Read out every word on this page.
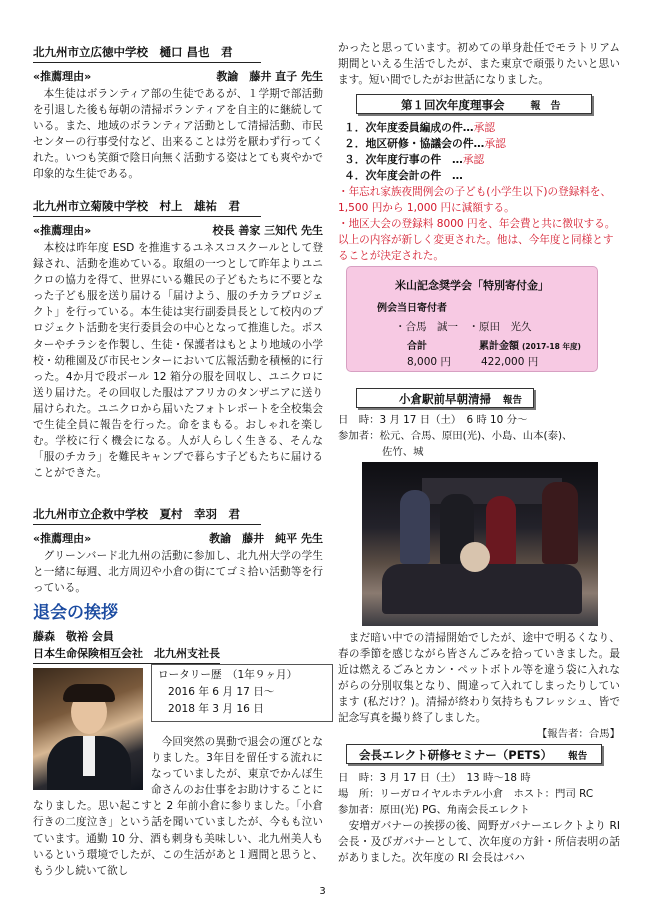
北九州市立広徳中学校　樋口 昌也　君
«推薦理由»	教諭　藤井 直子 先生
本生徒はボランティア部の生徒であるが、１学期で部活動を引退した後も毎朝の清掃ボランティアを自主的に継続している。また、地域のボランティア活動として清掃活動、市民センターの行事受付など、出来ることは労を厭わず行ってくれた。いつも笑顔で陰日向無く活動する姿はとても爽やかで印象的な生徒である。
北九州市立菊陵中学校　村上　雄祐　君
«推薦理由»	校長 善家 三知代 先生
本校は昨年度 ESD を推進するユネスコスクールとして登録され、活動を進めている。取組の一つとして昨年よりユニクロの協力を得て、世界にいる難民の子どもたちに不要となった子ども服を送り届ける「届けよう、服のチカラプロジェクト」を行っている。本生徒は実行副委員長として校内のプロジェクト活動を実行委員会の中心となって推進した。ポスターやチラシを作製し、生徒・保護者はもとより地域の小学校・幼稚園及び市民センターにおいて広報活動を積極的に行った。4か月で段ボール 12 箱分の服を回収し、ユニクロに送り届けた。その回収した服はアフリカのタンザニアに送り届けられた。ユニクロから届いたフォトレポートを全校集会で生徒全員に報告を行った。命をまもる。おしゃれを楽しむ。学校に行く機会になる。人が人らしく生きる、そんな「服のチカラ」を難民キャンプで暮らす子どもたちに届けることができた。
北九州市立企救中学校　夏村　幸羽　君
«推薦理由»	教諭　藤井　純平 先生
グリーンバード北九州の活動に参加し、北九州大学の学生と一緒に毎週、北方周辺や小倉の街にてゴミ拾い活動等を行っている。
退会の挨拶
藤森　敬裕 会員
日本生命保険相互会社　北九州支社長
ロータリー歴　（1年９ヶ月）
2016 年 6 月 17 日～
2018 年 3 月 16 日
今回突然の異動で退会の運びとなりました。3年目を留任する流れになっていましたが、東京でかんぽ生命さんのお仕事をお助けすることになりました。思い起こすと 2 年前小倉に参りました。「小倉行きの二度泣き」という話を聞いていましたが、今もも泣いています。通勤 10 分、酒も刺身も美味しい、北九州美人もいるという環境でしたが、この生活があと１週間と思うと、もう少し続いて欲し
かったと思っています。初めての単身赴任でモラトリアム期間といえる生活でしたが、また東京で頑張りたいと思います。短い間でしたがお世話になりました。
第１回次年度理事会	報　告
１．次年度委員編成の件…承認
２．地区研修・協議会の件…承認
３．次年度行事の件　…承認
４．次年度会計の件　…
・年忘れ家族夜間例会の子ども(小学生以下)の登録料を、1,500 円から 1,000 円に減額する。
・地区大会の登録料 8000 円を、年会費と共に徴収する。以上の内容が新しく変更された。他は、今年度と同様とすることが決定された。
米山記念奨学会「特別寄付金」
例会当日寄付者
・合馬　誠一　・原田　光久
合計	累計金額 (2017-18 年度)
8,000 円	422,000 円
小倉駅前早朝清掃 報告
日　時：3 月 17 日（土）　6 時 10 分～
参加者：松元、合馬、原田(光)、小島、山本(泰)、
佐竹、城
まだ暗い中での清掃開始でしたが、途中で明るくなり、春の季節を感じながら皆さんごみを拾っていきました。最近は燃えるごみとカン・ペットボトル等を違う袋に入れながらの分別収集となり、間違って入れてしまったりしています (私だけ？)。清掃が終わり気持ちもフレッシュ、皆で記念写真を撮り終了しました。
【報告者：合馬】
会長エレクト研修セミナー（PETS） 報告
日　時：3 月 17 日（土）　13 時～18 時
場　所：リーガロイヤルホテル小倉　ホスト：門司 RC
参加者：原田(光) PG、角南会長エレクト
安増ガバナーの挨拶の後、岡野ガバナーエレクトより RI 会長・及びガバナーとして、次年度の方針・所信表明の話がありました。次年度の RI 会長はバハ
3
